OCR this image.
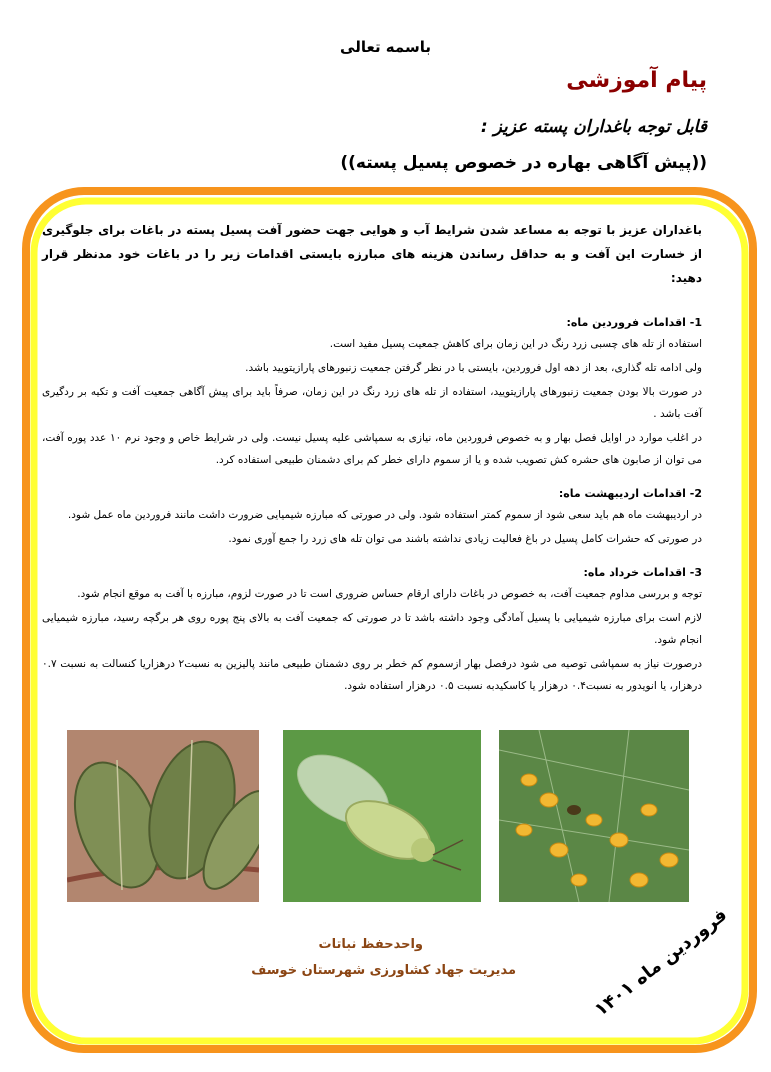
باسمه تعالی
پیام آموزشی
قابل توجه باغداران پسته عزیز :
((پیش آگاهی بهاره در خصوص پسیل پسته))

باغداران عزیز با توجه به مساعد شدن شرایط آب و هوایی جهت حضور آفت پسیل پسته در باغات برای جلوگیری از خسارت این آفت و به حداقل رساندن هزینه های مبارزه بایستی اقدامات زیر را در باغات خود مدنظر قرار دهید:

1- اقدامات فروردین ماه:

استفاده از تله های چسبی زرد رنگ در این زمان برای کاهش جمعیت پسیل مفید است.

ولی ادامه تله گذاری، بعد از دهه اول فروردین، بایستی با در نظر گرفتن جمعیت زنبورهای پارازیتویید باشد.

در صورت بالا بودن جمعیت زنبورهای پارازیتویید، استفاده از تله های زرد رنگ در این زمان، صرفاً باید برای پیش آگاهی جمعیت آفت و تکیه بر ردگیری آفت باشد .

در اغلب موارد در اوایل فصل بهار و به خصوص فروردین ماه، نیازی به سمپاشی علیه پسیل نیست. ولی در شرایط خاص و وجود نرم ۱۰ عدد پوره آفت، می توان از صابون های حشره کش تصویب شده و یا از سموم دارای خطر کم برای دشمنان طبیعی استفاده کرد.

2- اقدامات اردیبهشت ماه:

در اردیبهشت ماه هم باید سعی شود از سموم کمتر استفاده شود. ولی در صورتی که مبارزه شیمیایی ضرورت داشت مانند فروردین ماه عمل شود.

در صورتی که حشرات کامل پسیل در باغ فعالیت زیادی نداشته باشند می توان تله های زرد را جمع آوری نمود.

3- اقدامات خرداد ماه:

توجه و بررسی مداوم جمعیت آفت، به خصوص در باغات دارای ارقام حساس ضروری است تا در صورت لزوم، مبارزه با آفت به موقع انجام شود.

لازم است برای مبارزه شیمیایی با پسیل آمادگی وجود داشته باشد تا در صورتی که جمعیت آفت به بالای پنج پوره روی هر برگچه رسید، مبارزه شیمیایی انجام شود.

درصورت نیاز به سمپاشی توصیه می شود درفصل بهار ازسموم کم خطر بر روی دشمنان طبیعی مانند پالیزین به نسبت۲ درهزاریا کنسالت به نسبت ۰.۷ درهزار، یا انویدور به نسبت۰.۴ درهزار یا کاسکیدبه نسبت ۰.۵ درهزار استفاده شود.

واحدحفظ نباتات
مدیریت جهاد کشاورزی شهرستان خوسف
فروردین ماه ۱۴۰۱
